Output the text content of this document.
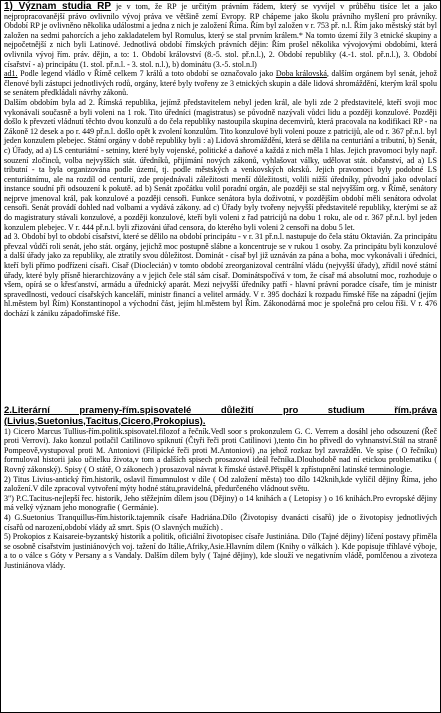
1) Význam studia RP je v tom, že RP je určitým právním řádem, který se vyvíjel v průběhu tisíce let a jako nejpropracovanější právo ovlivnilo vývoj práva ve většině zemí Evropy. RP chápeme jako školu právního myšlení pro právníky. Období RP je ovlivněno několika událostmi a jedna z nich je založení Říma. Řím byl založen v r. 753 př. n.l. Řím jako městský stát byl založen na sedmi pahorcích a jeho zakladatelem byl Romulus, který se stal prvním králem.* Na tomto území žily 3 etnické skupiny a nejpočetnější z nich byli Latinové. Jednotlivá období římských právních dějin: Řím prošel několika vývojovými obdobími, která ovlivnila vývoj řím. práv. dějin, a to: 1. Období království (8.-5. stol. př.n.l.), 2. Období republiky (4.-1. stol. př.n.l.), 3. Období císařství - a) principátu (1. stol. př.n.l. - 3. stol. n.l.), b) dominátu (3.-5. stol.n.l)

ad1. Podle legend vládlo v Římě celkem 7 králů a toto období se označovalo jako Doba královská, dalším orgánem byl senát, jehož členové byli zástupci jednotlivých rodů, orgány, které byly tvořeny ze 3 etnických skupin a dále lidová shromáždění, kterým král spolu se senátem předkládali návrhy zákonů.

Dalším obdobím byla ad 2. Římská republika, jejímž představitelem nebyl jeden král, ale byli zde 2 představitelé, kteří svoji moc vykonávali současně a byli voleni na 1 rok. Tito úředníci (magistratus) se původně nazývali vůdci lidu a později konzulové. Později došlo k převzetí vládnutí těchto dvou konzulů a do čela republiky nastoupila skupina decemvirů, která pracovala na kodifikaci RP - na Zákoně 12 desek a po r. 449 př.n.l. došlo opět k zvolení konzulům. Tito konzulové byli voleni pouze z patricijů, ale od r. 367 př.n.l. byl jeden konzulem plebejec. Státní orgány v době republiky byli : a) Lidová shromáždění, která se dělila na centuriání a tributní, b) Senát, c) Úřady, ad a) LS centuriátní - setniny, které byly vojenské, politické a daňové a každá z nich měla 1 hlas. Jejich pravomoci byly např. souzení zločinců, volba nejvyšších stát. úředníků, přijímání nových zákonů, vyhlašovat války, udělovat stát. občanství, ad a) LS tributní - ta byla organizována podle území, tj. podle městských a venkovských okrsků. Jejich pravomoci byly podobné LS centuriátnímu, ale na rozdíl od centurií, zde projednávali záležitosti menší důležitosti, volili nižší úředníky, původní jako odvolací instance soudní při odsouzení k pokutě. ad b) Senát zpočátku volil poradní orgán, ale později se stal nejvyšším org. v Římě, senátory nejprve jmenoval král, pak konzulové a později censoři. Funkce senátora byla doživotní, v pozdějším období měli senátora odvolat censoři. Senát provádí dohled nad volbami a vydává zákony. ad c) Úřady byly tvořeny nejvyšší představitelé republiky, kterými se až do magistratury stávali konzulové, a později konzulové, kteří byli voleni z řad patricijů na dobu 1 roku, ale od r. 367 př.n.l. byl jeden konzulem plebejec. V r. 444 př.n.l. byli zřizováni úřad censora, do kterého byli voleni 2 censoři na dobu 5 let.

ad 3. Období byl to období císařství, které se dělilo na období principátu - v r. 31 př.n.l. nastupuje do čela státu Oktavián. Za principátu převzal vůdčí roli senát, jeho stát. orgány, jejichž moc postupně slábne a koncentruje se v rukou 1 osoby. Za principátu byli konzulové a další úřady jako za republiky, ale ztratily svou důležitost. Dominát - císař byl již uznáván za pána a boha, moc vykonávali i úředníci, kteří byli přímo podřízeni císaři. Císař (Dioclecián) v tomto období zreorganizoval centrální vládu (nejvyšší úřady), zřídil nové státní úřady, které byly přísně hierarchizovány a v jejich čele stál sám císař. Dominátspočívá v tom, že císař má absolutní moc, rozhoduje o všem, opírá se o křesťanství, armádu a úřednický aparát. Mezi nejvyšší úředníky patří - hlavní právní poradce císaře, tím je ministr spravedlnosti, vedoucí císařských kanceláří, ministr financí a velitel armády. V r. 395 dochází k rozpadu římské říše na západní (jejím hl.městem byl Řím) Konstantinopol a východní část, jejím hl.městem byl Řím. Zákonodárná moc je společná pro celou říši. V r. 476 dochází k zániku západořímské říše.

2.Literární prameny-řím.spisovatelé důležití pro studium řím.práva (Livius,Suetonius,Tacitus,Cicero,Prokopius).

1) Cicero Marcus Tullius-řím.politik.spisovatel.filozof a řečník.Vedl soor s prokonzulem G. C. Verrem a dosáhl jeho odsouzení (Řeč proti Verrovi). Jako konzul potlačil Catilinovo spiknutí (Čtyři řeči proti Catilinovi ),tento čin ho přivedl do vyhnanství.Stál na straně Pompeově,vystupoval proti M. Antoniovi (Filipické řeči proti M.Antoniovi) ,na jehož rozkaz byl zavražděn. Ve spise ( O řečníku) formuloval historii jako učitelku života,v tom a dalších spisech prosazoval ideál řečníka.Dlouhodobě nad ní etickou problematiku ( Rovný zákonský). Spisy ( O státě, O zákonech ) prosazoval návrat k římské ústavě.Přispěl k zpřístupnění latinské terminologie.

2) Titus Livius-antický řím.historik, oslavil římumnulost v díle ( Od založení města) too dílo 142knih,kde vylíčil dějiny Říma, jeho založení.V díle zpracoval vytvoření mýty hodné státu,pravidelná, předurčeného vládnout světu.

3") P.C.Tacitus-nejlepší řec. historik, Jeho stěžejním dílem jsou (Dějiny) o 14 knihách a ( Letopisy ) o 16 knihách.Pro evropské dějiny má velký význam jeho monografie ( Germánie).

4) G.Suetonius Tranquillus-řím.historik.tajemník císaře Hadriána.Dílo (Životopisy dvanácti císařů) jde o životopisy jednotlivých císařů od narození,období vlády až smrt. Spis (O slavných mužích) .

5) Prokopios z Kaisareie-byzantský historik a politik, oficiální životopisec císaře Justiniána. Dílo (Tajné dějiny) líčení postavy přiměla se osobně císařstvím justiniánových voj. tažení do Itálie,Afriky,Asie.Hlavním dílem (Knihy o válkách ). Kde popisuje tříhlavé výboje, a to o válce s Góty v Persany a s Vandaly. Dalším dílem byly ( Tajné dějiny), kde slouží ve negativním vládě, pomlčenou a zivoteza Justiniánova vlády.
